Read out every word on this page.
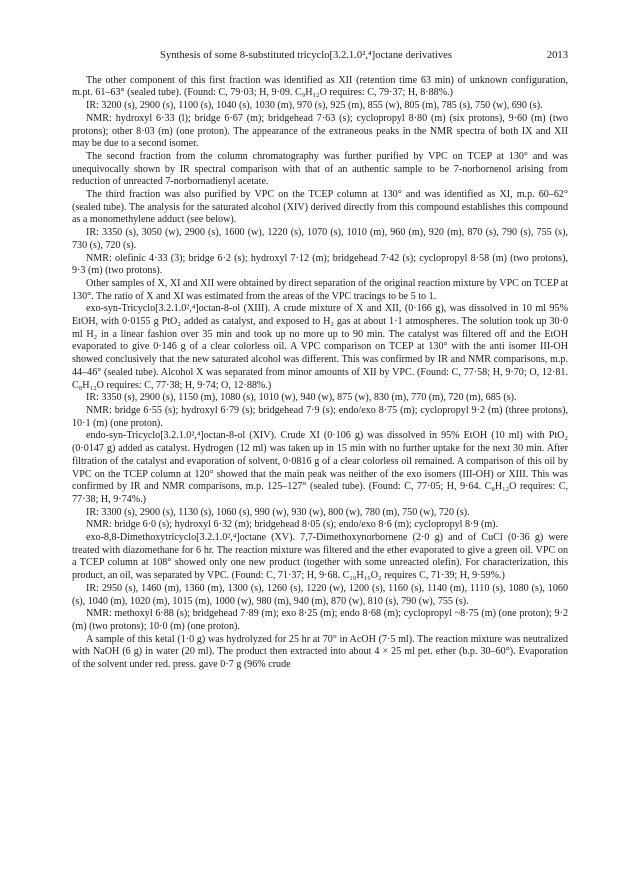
Synthesis of some 8-substituted tricyclo[3.2.1.0²,⁴]octane derivatives	2013

The other component of this first fraction was identified as XII (retention time 63 min) of unknown configuration, m.pt. 61–63° (sealed tube). (Found: C, 79·03; H, 9·09. C₉H₁₂O requires: C, 79·37; H, 8·88%.)

IR: 3200 (s), 2900 (s), 1100 (s), 1040 (s), 1030 (m), 970 (s), 925 (m), 855 (w), 805 (m), 785 (s), 750 (w), 690 (s).

NMR: hydroxyl 6·33 (l); bridge 6·67 (m); bridgehead 7·63 (s); cyclopropyl 8·80 (m) (six protons), 9·60 (m) (two protons); other 8·03 (m) (one proton). The appearance of the extraneous peaks in the NMR spectra of both IX and XII may be due to a second isomer.

The second fraction from the column chromatography was further purified by VPC on TCEP at 130° and was unequivocally shown by IR spectral comparison with that of an authentic sample to be 7-norbornenol arising from reduction of unreacted 7-norbornadienyl acetate.

The third fraction was also purified by VPC on the TCEP column at 130° and was identified as XI, m.p. 60–62° (sealed tube). The analysis for the saturated alcohol (XIV) derived directly from this compound establishes this compound as a monomethylene adduct (see below).

IR: 3350 (s), 3050 (w), 2900 (s), 1600 (w), 1220 (s), 1070 (s), 1010 (m), 960 (m), 920 (m), 870 (s), 790 (s), 755 (s), 730 (s), 720 (s).

NMR: olefinic 4·33 (3); bridge 6·2 (s); hydroxyl 7·12 (m); bridgehead 7·42 (s); cyclopropyl 8·58 (m) (two protons), 9·3 (m) (two protons).

Other samples of X, XI and XII were obtained by direct separation of the original reaction mixture by VPC on TCEP at 130°. The ratio of X and XI was estimated from the areas of the VPC tracings to be 5 to 1.

exo-syn-Tricyclo[3.2.1.0²,⁴]octan-8-ol (XIII). A crude mixture of X and XII, (0·166 g), was dissolved in 10 ml 95% EtOH, with 0·0155 g PtO₂ added as catalyst, and exposed to H₂ gas at about 1·1 atmospheres. The solution took up 30·0 ml H₂ in a linear fashion over 35 min and took up no more up to 90 min. The catalyst was filtered off and the EtOH evaporated to give 0·146 g of a clear colorless oil. A VPC comparison on TCEP at 130° with the anti isomer III-OH showed conclusively that the new saturated alcohol was different. This was confirmed by IR and NMR comparisons, m.p. 44–46° (sealed tube). Alcohol X was separated from minor amounts of XII by VPC. (Found: C, 77·58; H, 9·70; O, 12·81. C₈H₁₂O requires: C, 77·38; H, 9·74; O, 12·88%.)

IR: 3350 (s), 2900 (s), 1150 (m), 1080 (s), 1010 (w), 940 (w), 875 (w), 830 (m), 770 (m), 720 (m), 685 (s).

NMR: bridge 6·55 (s); hydroxyl 6·79 (s); bridgehead 7·9 (s); endo/exo 8·75 (m); cyclopropyl 9·2 (m) (three protons), 10·1 (m) (one proton).

endo-syn-Tricyclo[3.2.1.0²,⁴]octan-8-ol (XIV). Crude XI (0·106 g) was dissolved in 95% EtOH (10 ml) with PtO₂ (0·0147 g) added as catalyst. Hydrogen (12 ml) was taken up in 15 min with no further uptake for the next 30 min. After filtration of the catalyst and evaporation of solvent, 0·0816 g of a clear colorless oil remained. A comparison of this oil by VPC on the TCEP column at 120° showed that the main peak was neither of the exo isomers (III-OH) or XIII. This was confirmed by IR and NMR comparisons, m.p. 125–127° (sealed tube). (Found: C, 77·05; H, 9·64. C₈H₁₂O requires: C, 77·38; H, 9·74%.)

IR: 3300 (s), 2900 (s), 1130 (s), 1060 (s), 990 (w), 930 (w), 800 (w), 780 (m), 750 (w), 720 (s).

NMR: bridge 6·0 (s); hydroxyl 6·32 (m); bridgehead 8·05 (s); endo/exo 8·6 (m); cyclopropyl 8·9 (m).

exo-8,8-Dimethoxytricyclo[3.2.1.0²,⁴]octane (XV). 7,7-Dimethoxynorbornene (2·0 g) and of CuCl (0·36 g) were treated with diazomethane for 6 hr. The reaction mixture was filtered and the ether evaporated to give a green oil. VPC on a TCEP column at 108° showed only one new product (together with some unreacted olefin). For characterization, this product, an oil, was separated by VPC. (Found: C, 71·37; H, 9·68. C₁₀H₁₆O₂ requires C, 71·39; H, 9·59%.)

IR: 2950 (s), 1460 (m), 1360 (m), 1300 (s), 1260 (s), 1220 (w), 1200 (s), 1160 (s), 1140 (m), 1110 (s), 1080 (s), 1060 (s), 1040 (m), 1020 (m), 1015 (m), 1000 (w), 980 (m), 940 (m), 870 (w), 810 (s), 790 (w), 755 (s).

NMR: methoxyl 6·88 (s); bridgehead 7·89 (m); exo 8·25 (m); endo 8·68 (m); cyclopropyl ~8·75 (m) (one proton); 9·2 (m) (two protons); 10·0 (m) (one proton).

A sample of this ketal (1·0 g) was hydrolyzed for 25 hr at 70° in AcOH (7·5 ml). The reaction mixture was neutralized with NaOH (6 g) in water (20 ml). The product then extracted into about 4 × 25 ml pet. ether (b.p. 30–60°). Evaporation of the solvent under red. press. gave 0·7 g (96% crude
